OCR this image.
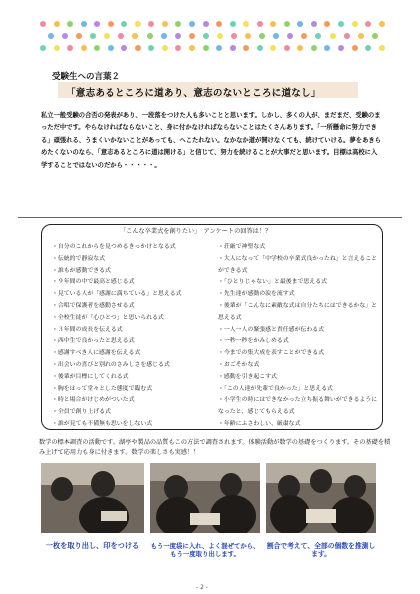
受験生への言葉２
「意志あるところに道あり、意志のないところに道なし」
私立一般受験の合否の発表があり、一段落をつけた人も多いことと思います。しかし、多くの人が、まだまだ、受験のまっただ中です。やらなければならないこと、身に付かなければならないことはたくさんあります。「一所懸命に努力できる」頑張れる、うまくいかないことがあっても、へこたれない。なかなか道が開けなくても、続けていける。夢をあきらめたくないのなら、「意志あるところに道は開ける」と信じて、努力を続けることが大事だと思います。目標は高校に入学することではないのだから・・・・・。
「こんな卒業式を創りたい」　アンケートの回答は！？
・自分のこれからを見つめるきっかけとなる式
・伝統的で静寂な式
・誰もが感動できる式
・９年間の中で最高と感じる式
・見ている人が「感謝に満ちている」と思える式
・合唱で保護者を感動させる式
・全校生徒が「心ひとつ」と思いられる式
・３年間の成長を伝える式
・西中生で良かったと思える式
・感謝すべき人に感謝を伝える式
・出会いの喜びと別れのさみしさを感じる式
・後輩が目標にしてくれる式
・胸をはって堂々とした態度で臨む式
・時と場合がけじめがついた式
・全員で創り上げる式
・誰が見ても不備無も思いをしない式
・荘厳で神聖な式
・大人になって「中学校の卒業式良かったね」と言えることができる式
・「ひとりじゃない」と最後まで思える式
・先生達が感動の涙を流す式
・後輩が「こんなに素敵な式は自分たちにはできるかな」と思える式
・一人一人の緊張感と責任感が伝わる式
・一秒一秒をかみしめる式
・今までの集大成を表すことができる式
・おごそかな式
・感動を引き起こす式
・「この人達が先輩で良かった」と思える式
・小学生の時にはできなかった立ち振る舞いができるようになったと、感じてもらえる式
・年齢にふさわしい、厳粛な式
数学の標本調査の活動です。湖亭や製品の品質もこの方法で調査されます。体験活動が数学の基礎をつくります。その基礎を積み上げて応用力も身に付きます。数学の楽しさも実感！！
一枚を取り出し、印をつける	もう一度袋に入れ、よく混ぜてから、もう一度取り出します。
割合で考えて、全部の個数を推測します。
- 2 -
